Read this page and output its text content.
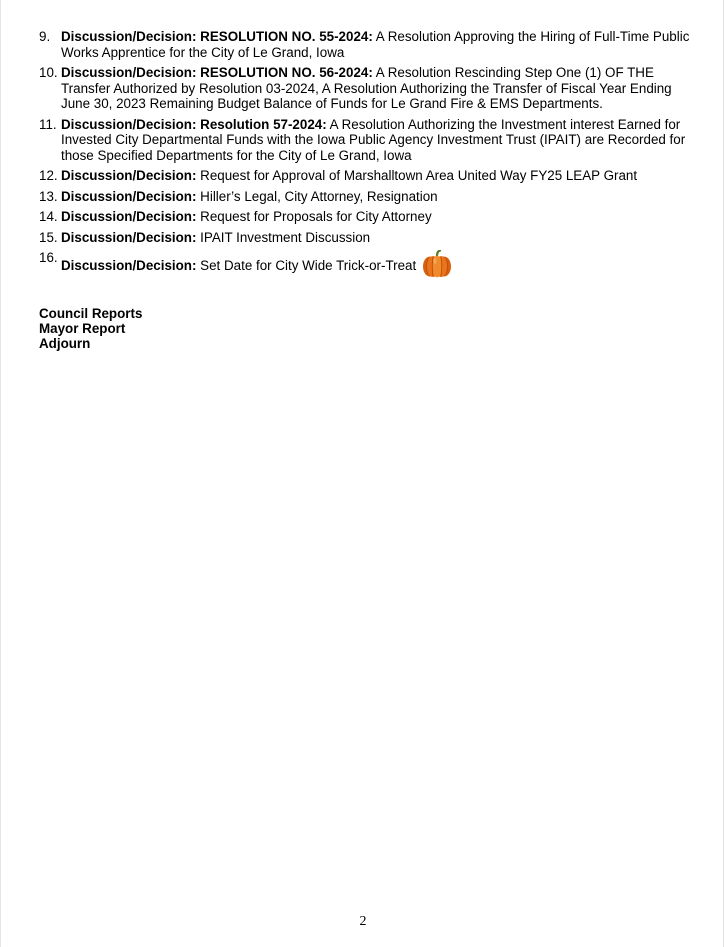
9. Discussion/Decision: RESOLUTION NO. 55-2024: A Resolution Approving the Hiring of Full-Time Public Works Apprentice for the City of Le Grand, Iowa
10. Discussion/Decision: RESOLUTION NO. 56-2024: A Resolution Rescinding Step One (1) OF THE Transfer Authorized by Resolution 03-2024, A Resolution Authorizing the Transfer of Fiscal Year Ending June 30, 2023 Remaining Budget Balance of Funds for Le Grand Fire & EMS Departments.
11. Discussion/Decision: Resolution 57-2024: A Resolution Authorizing the Investment interest Earned for Invested City Departmental Funds with the Iowa Public Agency Investment Trust (IPAIT) are Recorded for those Specified Departments for the City of Le Grand, Iowa
12. Discussion/Decision: Request for Approval of Marshalltown Area United Way FY25 LEAP Grant
13. Discussion/Decision: Hiller’s Legal, City Attorney, Resignation
14. Discussion/Decision: Request for Proposals for City Attorney
15. Discussion/Decision: IPAIT Investment Discussion
16.
Discussion/Decision: Set Date for City Wide Trick-or-Treat
Council Reports
Mayor Report
Adjourn
2
